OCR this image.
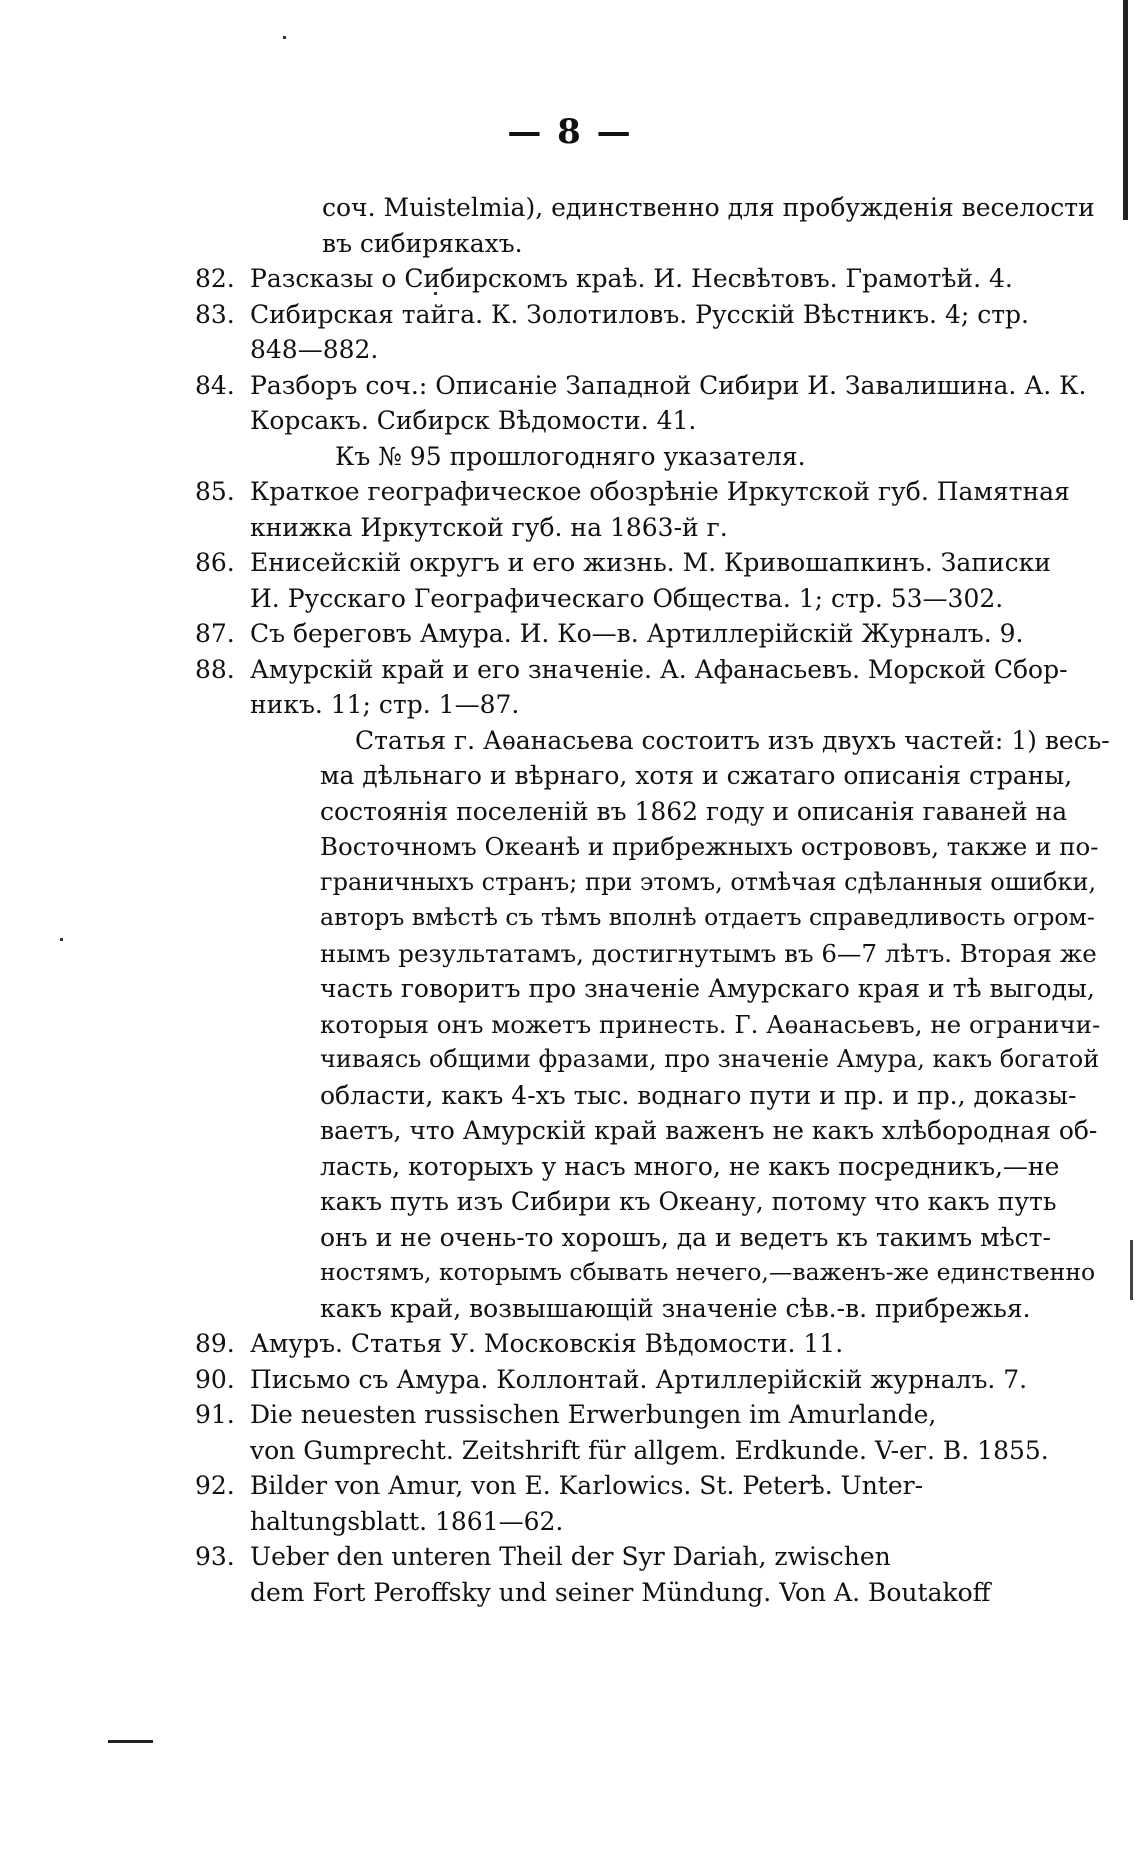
— 8 —
соч. Muistelmia), единственно для пробужденія веселости
въ сибирякахъ.
82. Разсказы о Сибирскомъ краѣ. И. Несвѣтовъ. Грамотѣй. 4.
83. Сибирская тайга. К. Золотиловъ. Русскій Вѣстникъ. 4; стр.
848—882.
84. Разборъ соч.: Описаніе Западной Сибири И. Завалишина. А. К.
Корсакъ. Сибирск Вѣдомости. 41.
Къ № 95 прошлогодняго указателя.
85. Краткое географическое обозрѣніе Иркутской губ. Памятная
книжка Иркутской губ. на 1863-й г.
86. Енисейскій округъ и его жизнь. М. Кривошапкинъ. Записки
И. Русскаго Географическаго Общества. 1; стр. 53—302.
87. Съ береговъ Амура. И. Ко—в. Артиллерійскій Журналъ. 9.
88. Амурскій край и его значеніе. А. Афанасьевъ. Морской Сбор-
никъ. 11; стр. 1—87.
Статья г. Аѳанасьева состоитъ изъ двухъ частей: 1) весь-
ма дѣльнаго и вѣрнаго, хотя и сжатаго описанія страны,
состоянія поселеній въ 1862 году и описанія гаваней на
Восточномъ Океанѣ и прибрежныхъ острововъ, также и по-
граничныхъ странъ; при этомъ, отмѣчая сдѣланныя ошибки,
авторъ вмѣстѣ съ тѣмъ вполнѣ отдаетъ справедливость огром-
нымъ результатамъ, достигнутымъ въ 6—7 лѣтъ. Вторая же
часть говоритъ про значеніе Амурскаго края и тѣ выгоды,
которыя онъ можетъ принесть. Г. Аѳанасьевъ, не ограничи-
чиваясь общими фразами, про значеніе Амура, какъ богатой
области, какъ 4-хъ тыс. воднаго пути и пр. и пр., доказы-
ваетъ, что Амурскій край важенъ не какъ хлѣбородная об-
ласть, которыхъ у насъ много, не какъ посредникъ,—не
какъ путь изъ Сибири къ Океану, потому что какъ путь
онъ и не очень-то хорошъ, да и ведетъ къ такимъ мѣст-
ностямъ, которымъ сбывать нечего,—важенъ-же единственно
какъ край, возвышающій значеніе сѣв.-в. прибрежья.
89. Амуръ. Статья У. Московскія Вѣдомости. 11.
90. Письмо съ Амура. Коллонтай. Артиллерійскій журналъ. 7.
91. Die neuesten russischen Erwerbungen im Amurlande,
von Gumprecht. Zeitshrift für allgem. Erdkunde. V-ег. B. 1855.
92. Bilder von Amur, von E. Karlowics. St. Peterѣ. Unter-
haltungsblatt. 1861—62.
93. Ueber den unteren Theil der Syr Dariah, zwischen
dem Fort Peroffsky und seiner Mündung. Von A. Boutakoff
